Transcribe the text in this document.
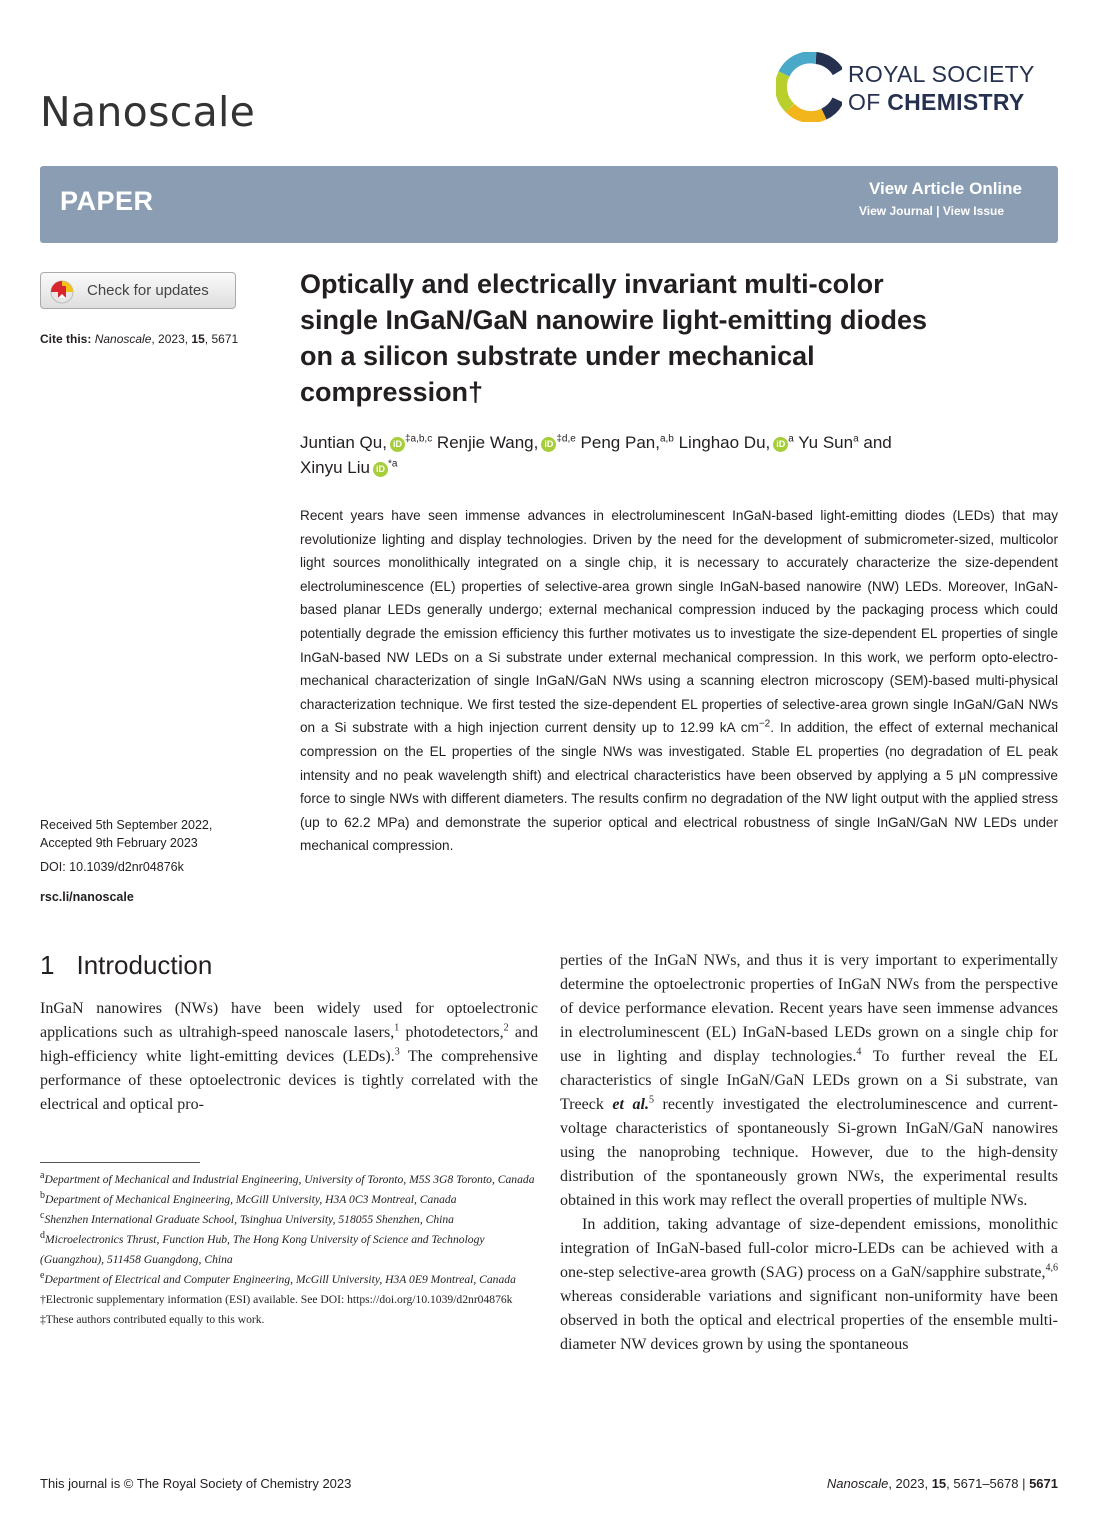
Nanoscale
ROYAL SOCIETY
OF CHEMISTRY
PAPER	View Article Online
View Journal | View Issue
Check for updates
Cite this: Nanoscale, 2023, 15, 5671
Optically and electrically invariant multi-color
single InGaN/GaN nanowire light-emitting diodes
on a silicon substrate under mechanical
compression†
Juntian Qu, iD $^{\ddagger a,b,c}$ Renjie Wang, iD $^{\ddagger d,e}$ Peng Pan,$^{a,b}$ Linghao Du, iD $^a$ Yu Sun$^a$ and
Xinyu Liu iD $^{*a}$
Recent years have seen immense advances in electroluminescent InGaN-based light-emitting diodes (LEDs) that may revolutionize lighting and display technologies. Driven by the need for the development of submicrometer-sized, multicolor light sources monolithically integrated on a single chip, it is necessary to accurately characterize the size-dependent electroluminescence (EL) properties of selective-area grown single InGaN-based nanowire (NW) LEDs. Moreover, InGaN-based planar LEDs generally undergo; external mechanical compression induced by the packaging process which could potentially degrade the emission efficiency this further motivates us to investigate the size-dependent EL properties of single InGaN-based NW LEDs on a Si substrate under external mechanical compression. In this work, we perform opto-electro-mechanical characterization of single InGaN/GaN NWs using a scanning electron microscopy (SEM)-based multi-physical characterization technique. We first tested the size-dependent EL properties of selective-area grown single InGaN/GaN NWs on a Si substrate with a high injection current density up to 12.99 kA $cm^{-2}$. In addition, the effect of external mechanical compression on the EL properties of the single NWs was investigated. Stable EL properties (no degradation of EL peak intensity and no peak wavelength shift) and electrical characteristics have been observed by applying a 5 μN compressive force to single NWs with different diameters. The results confirm no degradation of the NW light output with the applied stress (up to 62.2 MPa) and demonstrate the superior optical and electrical robustness of single InGaN/GaN NW LEDs under mechanical compression.
Received 5th September 2022,
Accepted 9th February 2023
DOI: 10.1039/d2nr04876k
rsc.li/nanoscale
1 Introduction
InGaN nanowires (NWs) have been widely used for optoelectronic applications such as ultrahigh-speed nanoscale lasers,$^1$ photodetectors,$^2$ and high-efficiency white light-emitting devices (LEDs).$^3$ The comprehensive performance of these optoelectronic devices is tightly correlated with the electrical and optical pro-
$^a$Department of Mechanical and Industrial Engineering, University of Toronto, M5S 3G8 Toronto, Canada
$^b$Department of Mechanical Engineering, McGill University, H3A 0C3 Montreal, Canada
$^c$Shenzhen International Graduate School, Tsinghua University, 518055 Shenzhen, China
$^d$Microelectronics Thrust, Function Hub, The Hong Kong University of Science and Technology (Guangzhou), 511458 Guangdong, China
$^e$Department of Electrical and Computer Engineering, McGill University, H3A 0E9 Montreal, Canada
†Electronic supplementary information (ESI) available. See DOI: https://doi.org/10.1039/d2nr04876k
‡These authors contributed equally to this work.

perties of the InGaN NWs, and thus it is very important to experimentally determine the optoelectronic properties of InGaN NWs from the perspective of device performance elevation. Recent years have seen immense advances in electroluminescent (EL) InGaN-based LEDs grown on a single chip for use in lighting and display technologies.$^4$ To further reveal the EL characteristics of single InGaN/GaN LEDs grown on a Si substrate, van Treeck et al.$^5$ recently investigated the electroluminescence and current-voltage characteristics of spontaneously Si-grown InGaN/GaN nanowires using the nanoprobing technique. However, due to the high-density distribution of the spontaneously grown NWs, the experimental results obtained in this work may reflect the overall properties of multiple NWs.

In addition, taking advantage of size-dependent emissions, monolithic integration of InGaN-based full-color micro-LEDs can be achieved with a one-step selective-area growth (SAG) process on a GaN/sapphire substrate,$^{4,6}$ whereas considerable variations and significant non-uniformity have been observed in both the optical and electrical properties of the ensemble multi-diameter NW devices grown by using the spontaneous

This journal is © The Royal Society of Chemistry 2023	Nanoscale, 2023, 15, 5671–5678 | 5671
